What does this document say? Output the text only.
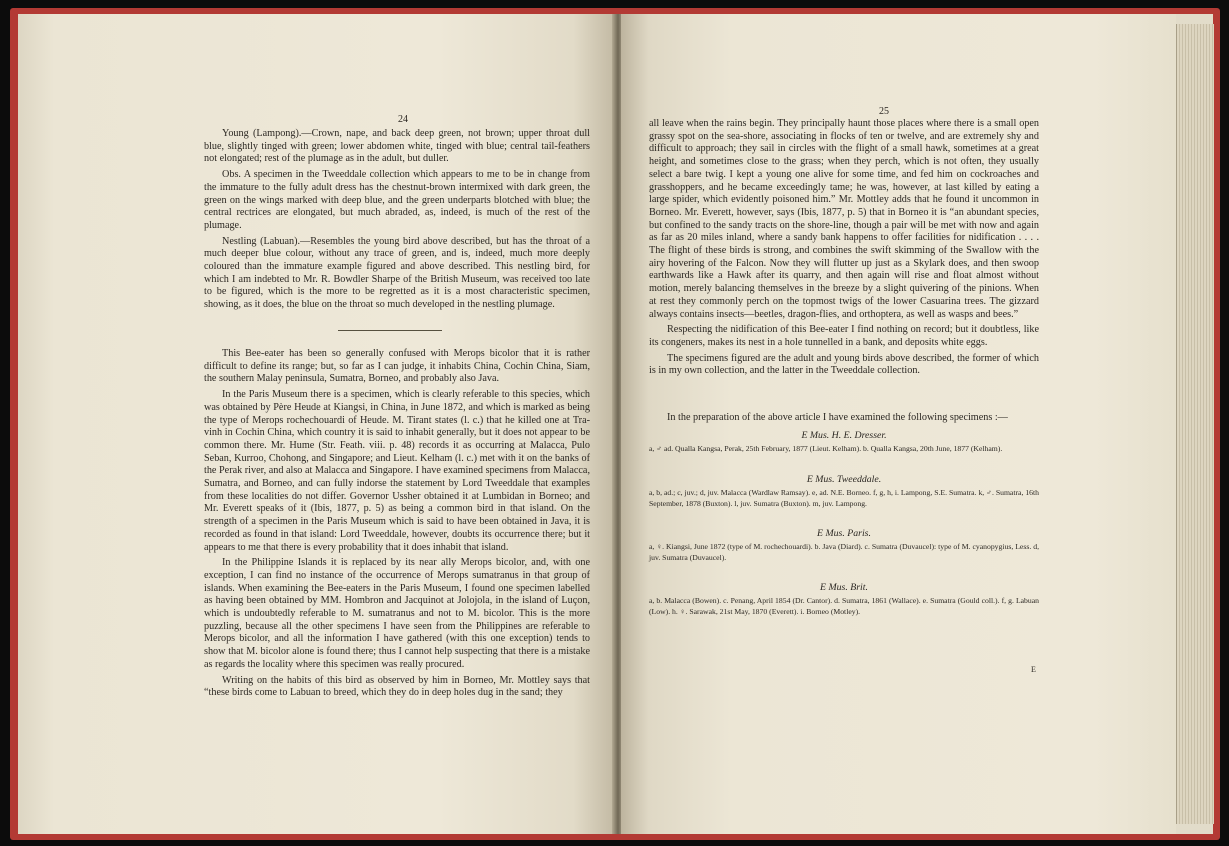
24

Young (Lampong).—Crown, nape, and back deep green, not brown; upper throat dull blue, slightly tinged with green; lower abdomen white, tinged with blue; central tail-feathers not elongated; rest of the plumage as in the adult, but duller.

Obs. A specimen in the Tweeddale collection which appears to me to be in change from the immature to the fully adult dress has the chestnut-brown intermixed with dark green, the green on the wings marked with deep blue, and the green underparts blotched with blue; the central rectrices are elongated, but much abraded, as, indeed, is much of the rest of the plumage.

Nestling (Labuan).—Resembles the young bird above described, but has the throat of a much deeper blue colour, without any trace of green, and is, indeed, much more deeply coloured than the immature example figured and above described. This nestling bird, for which I am indebted to Mr. R. Bowdler Sharpe of the British Museum, was received too late to be figured, which is the more to be regretted as it is a most characteristic specimen, showing, as it does, the blue on the throat so much developed in the nestling plumage.

This Bee-eater has been so generally confused with Merops bicolor that it is rather difficult to define its range; but, so far as I can judge, it inhabits China, Cochin China, Siam, the southern Malay peninsula, Sumatra, Borneo, and probably also Java.

In the Paris Museum there is a specimen, which is clearly referable to this species, which was obtained by Père Heude at Kiangsi, in China, in June 1872, and which is marked as being the type of Merops rochechouardi of Heude. M. Tirant states (l. c.) that he killed one at Tra-vinh in Cochin China, which country it is said to inhabit generally, but it does not appear to be common there. Mr. Hume (Str. Feath. viii. p. 48) records it as occurring at Malacca, Pulo Seban, Kurroo, Chohong, and Singapore; and Lieut. Kelham (l. c.) met with it on the banks of the Perak river, and also at Malacca and Singapore. I have examined specimens from Malacca, Sumatra, and Borneo, and can fully indorse the statement by Lord Tweeddale that examples from these localities do not differ. Governor Ussher obtained it at Lumbidan in Borneo; and Mr. Everett speaks of it (Ibis, 1877, p. 5) as being a common bird in that island. On the strength of a specimen in the Paris Museum which is said to have been obtained in Java, it is recorded as found in that island: Lord Tweeddale, however, doubts its occurrence there; but it appears to me that there is every probability that it does inhabit that island.

In the Philippine Islands it is replaced by its near ally Merops bicolor, and, with one exception, I can find no instance of the occurrence of Merops sumatranus in that group of islands. When examining the Bee-eaters in the Paris Museum, I found one specimen labelled as having been obtained by MM. Hombron and Jacquinot at Jolojola, in the island of Luçon, which is undoubtedly referable to M. sumatranus and not to M. bicolor. This is the more puzzling, because all the other specimens I have seen from the Philippines are referable to Merops bicolor, and all the information I have gathered (with this one exception) tends to show that M. bicolor alone is found there; thus I cannot help suspecting that there is a mistake as regards the locality where this specimen was really procured.

Writing on the habits of this bird as observed by him in Borneo, Mr. Mottley says that “these birds come to Labuan to breed, which they do in deep holes dug in the sand; they

25

all leave when the rains begin. They principally haunt those places where there is a small open grassy spot on the sea-shore, associating in flocks of ten or twelve, and are extremely shy and difficult to approach; they sail in circles with the flight of a small hawk, sometimes at a great height, and sometimes close to the grass; when they perch, which is not often, they usually select a bare twig. I kept a young one alive for some time, and fed him on cockroaches and grasshoppers, and he became exceedingly tame; he was, however, at last killed by eating a large spider, which evidently poisoned him.” Mr. Mottley adds that he found it uncommon in Borneo. Mr. Everett, however, says (Ibis, 1877, p. 5) that in Borneo it is “an abundant species, but confined to the sandy tracts on the shore-line, though a pair will be met with now and again as far as 20 miles inland, where a sandy bank happens to offer facilities for nidification . . . . The flight of these birds is strong, and combines the swift skimming of the Swallow with the airy hovering of the Falcon. Now they will flutter up just as a Skylark does, and then swoop earthwards like a Hawk after its quarry, and then again will rise and float almost without motion, merely balancing themselves in the breeze by a slight quivering of the pinions. When at rest they commonly perch on the topmost twigs of the lower Casuarina trees. The gizzard always contains insects—beetles, dragon-flies, and orthoptera, as well as wasps and bees.”

Respecting the nidification of this Bee-eater I find nothing on record; but it doubtless, like its congeners, makes its nest in a hole tunnelled in a bank, and deposits white eggs.

The specimens figured are the adult and young birds above described, the former of which is in my own collection, and the latter in the Tweeddale collection.

In the preparation of the above article I have examined the following specimens :—

E Mus. H. E. Dresser.
a, ♂ ad. Qualla Kangsa, Perak, 25th February, 1877 (Lieut. Kelham). b. Qualla Kangsa, 20th June, 1877 (Kelham).
E Mus. Tweeddale.
a, b, ad.; c, juv.; d, juv. Malacca (Wardlaw Ramsay). e, ad. N.E. Borneo. f, g, h, i. Lampong, S.E. Sumatra. k, ♂. Sumatra, 16th September, 1878 (Buxton). l, juv. Sumatra (Buxton). m, juv. Lampong.
E Mus. Paris.
a, ♀. Kiangsi, June 1872 (type of M. rochechouardi). b. Java (Diard). c. Sumatra (Duvaucel): type of M. cyanopygius, Less. d, juv. Sumatra (Duvaucel).
E Mus. Brit.
a, b. Malacca (Bowen). c. Penang, April 1854 (Dr. Cantor). d. Sumatra, 1861 (Wallace). e. Sumatra (Gould coll.). f, g. Labuan (Low). h. ♀. Sarawak, 21st May, 1870 (Everett). i. Borneo (Motley).
E
